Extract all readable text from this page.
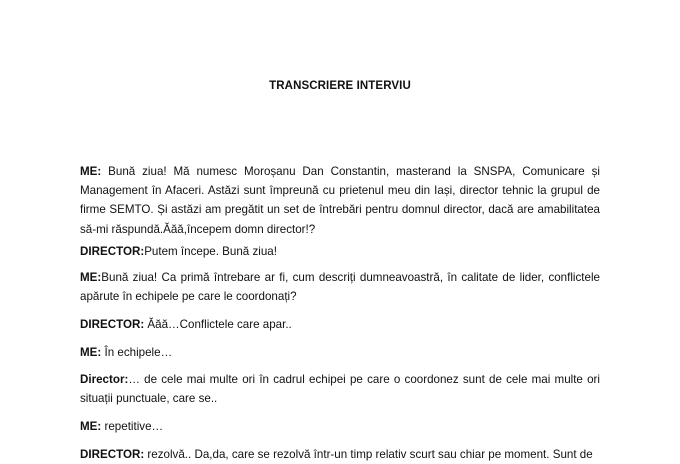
TRANSCRIERE INTERVIU
ME: Bună ziua! Mă numesc Moroșanu Dan Constantin, masterand la SNSPA, Comunicare și Management în Afaceri. Astăzi sunt împreună cu prietenul meu din Iași, director tehnic la grupul de firme SEMTO. Și astăzi am pregătit un set de întrebări pentru domnul director, dacă are amabilitatea să-mi răspundă.Ăăă,începem domn director!?
DIRECTOR:Putem începe. Bună ziua!
ME:Bună ziua! Ca primă întrebare ar fi, cum descriți dumneavoastră, în calitate de lider, conflictele apărute în echipele pe care le coordonați?
DIRECTOR: Ăăă…Conflictele care apar..
ME: În echipele…
Director:… de cele mai multe ori în cadrul echipei pe care o coordonez sunt de cele mai multe ori situații punctuale, care se..
ME: repetitive…
DIRECTOR: rezolvă.. Da,da, care se rezolvă într-un timp relativ scurt sau chiar pe moment. Sunt de
